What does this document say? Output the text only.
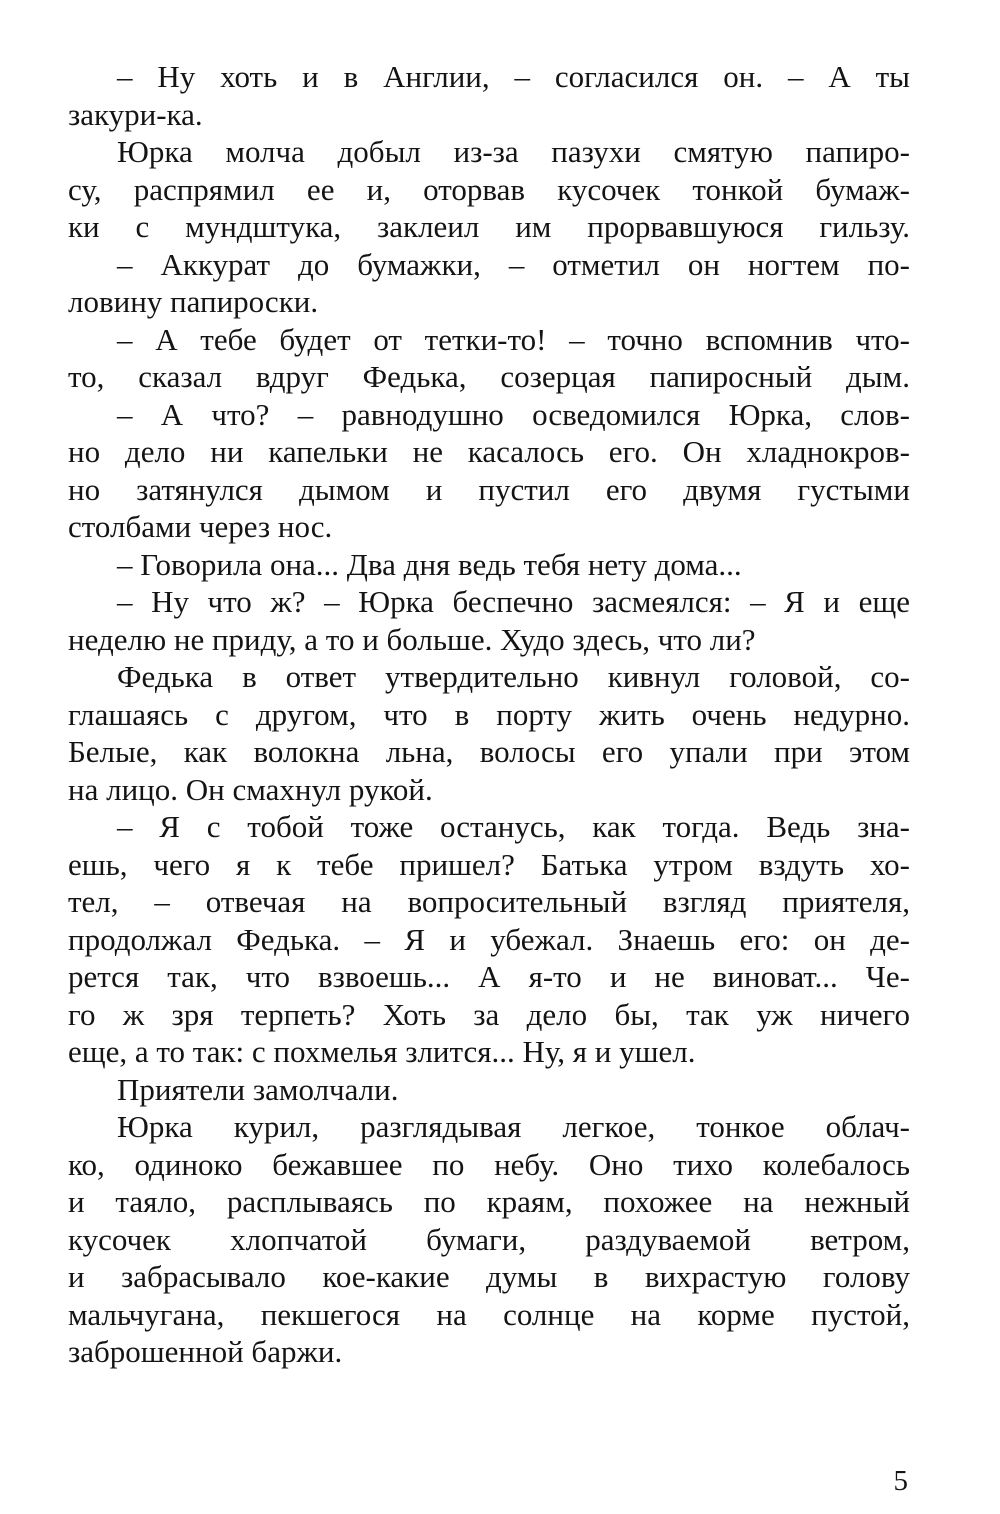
– Ну хоть и в Англии, – согласился он. – А ты
закури-ка.
Юрка молча добыл из-за пазухи смятую папиро-
су, распрямил ее и, оторвав кусочек тонкой бумаж-
ки с мундштука, заклеил им прорвавшуюся гильзу.
– Аккурат до бумажки, – отметил он ногтем по-
ловину папироски.
– А тебе будет от тетки-то! – точно вспомнив что-
то, сказал вдруг Федька, созерцая папиросный дым.
– А что? – равнодушно осведомился Юрка, слов-
но дело ни капельки не касалось его. Он хладнокров-
но затянулся дымом и пустил его двумя густыми
столбами через нос.
– Говорила она... Два дня ведь тебя нету дома...
– Ну что ж? – Юрка беспечно засмеялся: – Я и еще
неделю не приду, а то и больше. Худо здесь, что ли?
Федька в ответ утвердительно кивнул головой, со-
глашаясь с другом, что в порту жить очень недурно.
Белые, как волокна льна, волосы его упали при этом
на лицо. Он смахнул рукой.
– Я с тобой тоже останусь, как тогда. Ведь зна-
ешь, чего я к тебе пришел? Батька утром вздуть хо-
тел, – отвечая на вопросительный взгляд приятеля,
продолжал Федька. – Я и убежал. Знаешь его: он де-
рется так, что взвоешь... А я-то и не виноват... Че-
го ж зря терпеть? Хоть за дело бы, так уж ничего
еще, а то так: с похмелья злится... Ну, я и ушел.
Приятели замолчали.
Юрка курил, разглядывая легкое, тонкое облач-
ко, одиноко бежавшее по небу. Оно тихо колебалось
и таяло, расплываясь по краям, похожее на нежный
кусочек хлопчатой бумаги, раздуваемой ветром,
и забрасывало кое-какие думы в вихрастую голову
мальчугана, пекшегося на солнце на корме пустой,
заброшенной баржи.
5
